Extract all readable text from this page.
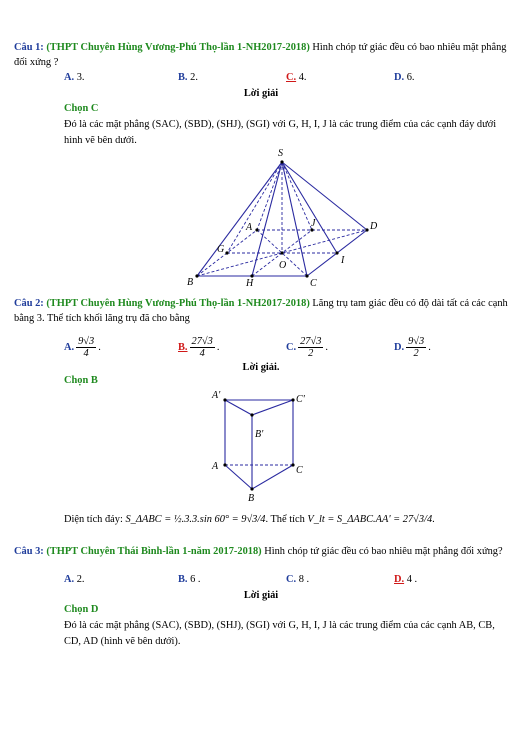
Câu 1: (THPT Chuyên Hùng Vương-Phú Thọ-lần 1-NH2017-2018) Hình chóp tứ giác đều có bao nhiêu mặt phẳng đối xứng ?
A. 3.	B. 2.	C. 4.	D. 6.
Lời giải
Chọn C
Đó là các mặt phẳng (SAC), (SBD), (SHJ), (SGI) với G, H, I, J là các trung điểm của các cạnh đáy dưới hình vẽ bên dưới.
S
A	D
B	C
H
G
I
J
O
Câu 2: (THPT Chuyên Hùng Vương-Phú Thọ-lần 1-NH2017-2018) Lăng trụ tam giác đều có độ dài tất cả các cạnh bằng 3. Thể tích khối lăng trụ đã cho bằng
A. $\frac{9√3}{4}$ .	B. $\frac{27√3}{4}$ .	C. $\frac{27√3}{2}$ .	D. $\frac{9√3}{2}$ .
Lời giải.
Chọn B
A'	C'
B'
A	C
B
Diện tích đáy: S_ΔABC = ½.3.3.sin 60° = 9√3/4. Thể tích V_lt = S_ΔABC.AA' = 27√3/4.
Câu 3: (THPT Chuyên Thái Bình-lần 1-năm 2017-2018) Hình chóp tứ giác đều có bao nhiêu mặt phẳng đối xứng?
A. 2.	B. 6 .	C. 8 .	D. 4 .
Lời giải
Chọn D
Đó là các mặt phẳng (SAC), (SBD), (SHJ), (SGI) với G, H, I, J là các trung điểm của các cạnh AB, CB, CD, AD (hình vẽ bên dưới).
